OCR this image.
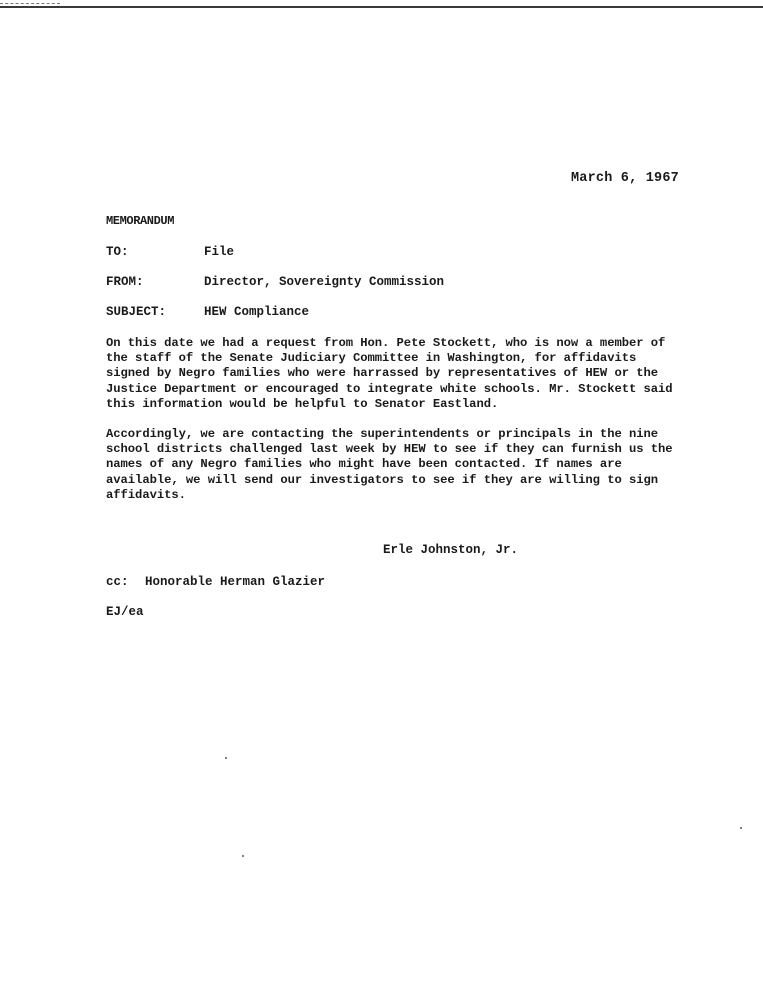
March 6, 1967
MEMORANDUM
TO:	File
FROM:	Director, Sovereignty Commission
SUBJECT:	HEW Compliance

On this date we had a request from Hon. Pete Stockett, who is now a member of the staff of the Senate Judiciary Committee in Washington, for affidavits signed by Negro families who were harrassed by representatives of HEW or the Justice Department or encouraged to integrate white schools. Mr. Stockett said this information would be helpful to Senator Eastland.

Accordingly, we are contacting the superintendents or principals in the nine school districts challenged last week by HEW to see if they can furnish us the names of any Negro families who might have been contacted. If names are available, we will send our investigators to see if they are willing to sign affidavits.

Erle Johnston, Jr.
cc: Honorable Herman Glazier
EJ/ea
